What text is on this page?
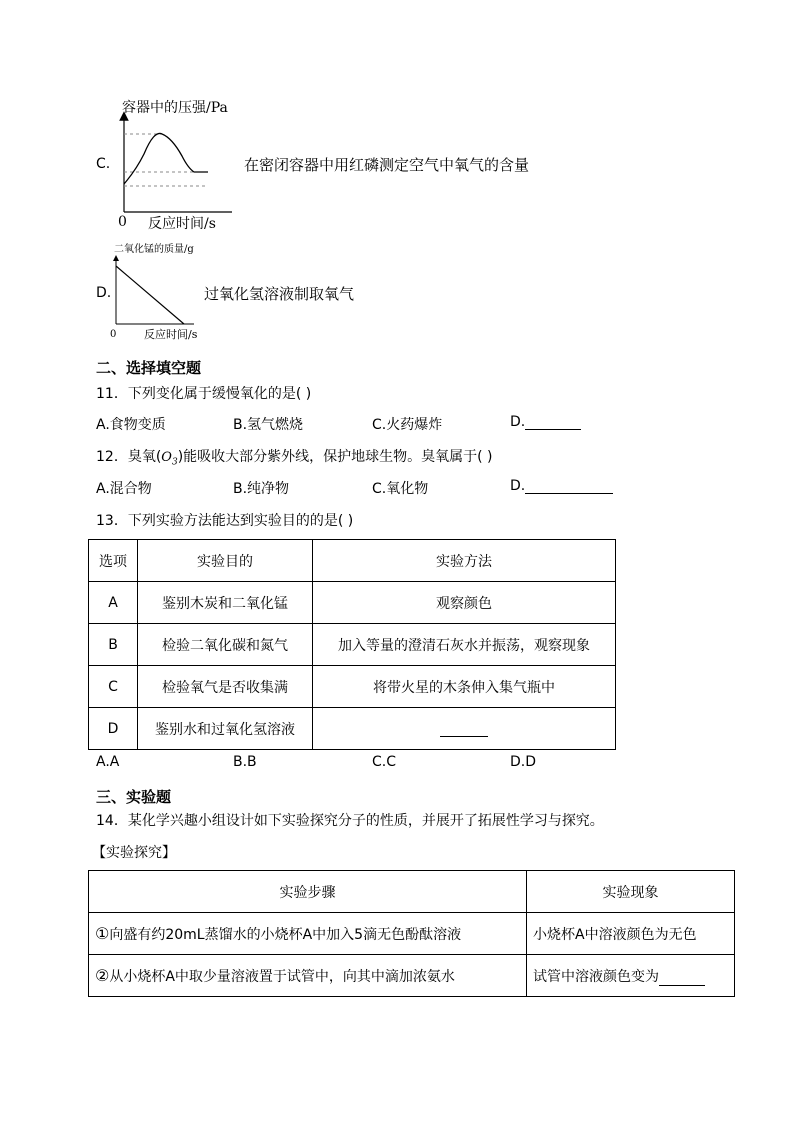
C.
容器中的压强/Pa
0 反应时间/s
在密闭容器中用红磷测定空气中氧气的含量
D.
二氧化锰的质量/g
0	反应时间/s
过氧化氢溶液制取氧气
二、选择填空题
11．下列变化属于缓慢氧化的是( )
A.食物变质	B.氢气燃烧	C.火药爆炸	D.
12．臭氧$(O_3)$能吸收大部分紫外线，保护地球生物。臭氧属于( )
A.混合物	B.纯净物	C.氧化物	D.
13．下列实验方法能达到实验目的的是( )
选项	实验目的	实验方法
A	鉴别木炭和二氧化锰	观察颜色
B	检验二氧化碳和氮气	加入等量的澄清石灰水并振荡，观察现象
C	检验氧气是否收集满	将带火星的木条伸入集气瓶中
D	鉴别水和过氧化氢溶液	
A.A	B.B	C.C	D.D
三、实验题
14．某化学兴趣小组设计如下实验探究分子的性质，并展开了拓展性学习与探究。
【实验探究】
实验步骤	实验现象
①向盛有约20mL蒸馏水的小烧杯A中加入5滴无色酚酞溶液	小烧杯A中溶液颜色为无色
②从小烧杯A中取少量溶液置于试管中，向其中滴加浓氨水	试管中溶液颜色变为
